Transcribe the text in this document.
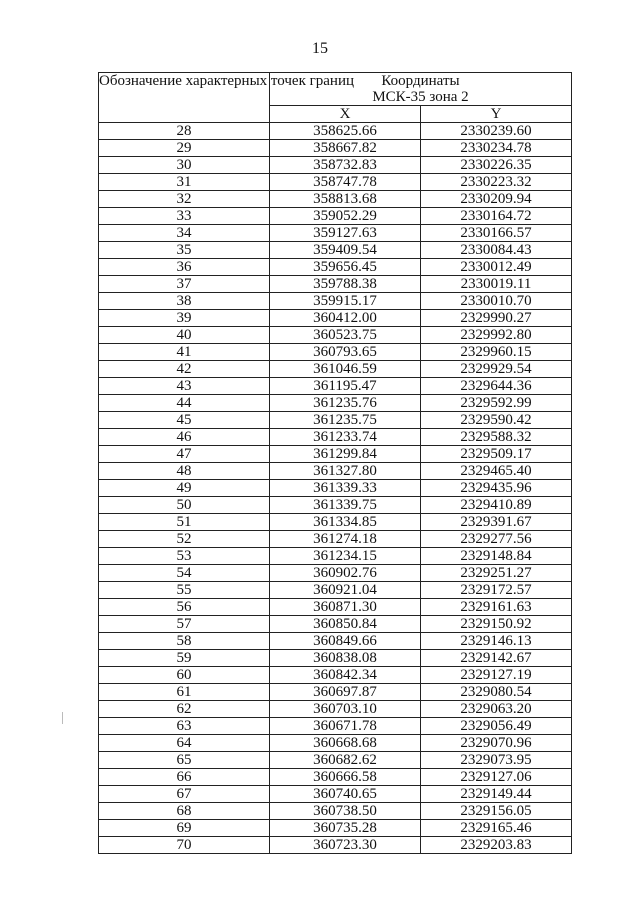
15
Обозначение характерных точек границ	Координаты
МСК-35 зона 2	
	X	Y
28	358625.66	2330239.60
29	358667.82	2330234.78
30	358732.83	2330226.35
31	358747.78	2330223.32
32	358813.68	2330209.94
33	359052.29	2330164.72
34	359127.63	2330166.57
35	359409.54	2330084.43
36	359656.45	2330012.49
37	359788.38	2330019.11
38	359915.17	2330010.70
39	360412.00	2329990.27
40	360523.75	2329992.80
41	360793.65	2329960.15
42	361046.59	2329929.54
43	361195.47	2329644.36
44	361235.76	2329592.99
45	361235.75	2329590.42
46	361233.74	2329588.32
47	361299.84	2329509.17
48	361327.80	2329465.40
49	361339.33	2329435.96
50	361339.75	2329410.89
51	361334.85	2329391.67
52	361274.18	2329277.56
53	361234.15	2329148.84
54	360902.76	2329251.27
55	360921.04	2329172.57
56	360871.30	2329161.63
57	360850.84	2329150.92
58	360849.66	2329146.13
59	360838.08	2329142.67
60	360842.34	2329127.19
61	360697.87	2329080.54
62	360703.10	2329063.20
63	360671.78	2329056.49
64	360668.68	2329070.96
65	360682.62	2329073.95
66	360666.58	2329127.06
67	360740.65	2329149.44
68	360738.50	2329156.05
69	360735.28	2329165.46
70	360723.30	2329203.83
